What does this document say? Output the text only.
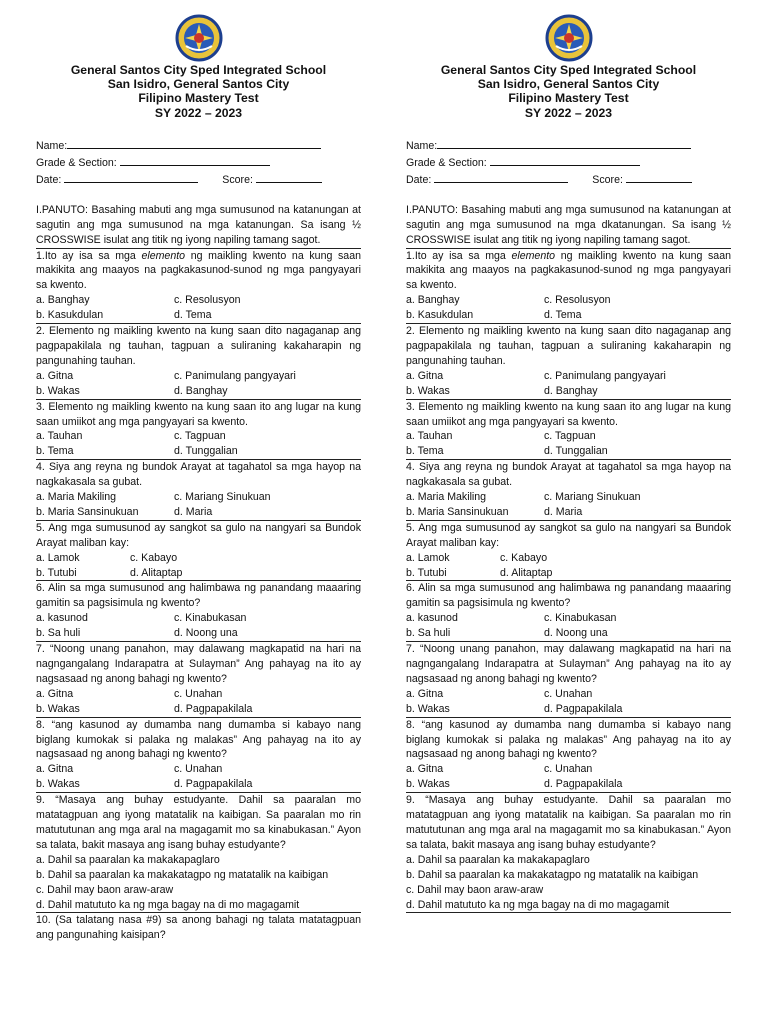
General Santos City Sped Integrated School
San Isidro, General Santos City
Filipino Mastery Test
SY 2022 – 2023
Name:
Grade & Section:
Date:	Score:
I.PANUTO: Basahing mabuti ang mga sumusunod na katanungan at sagutin ang mga sumusunod na mga katanungan. Sa isang ½ CROSSWISE isulat ang titik ng iyong napiling tamang sagot.
1.Ito ay isa sa mga elemento ng maikling kwento na kung saan makikita ang maayos na pagkakasunod-sunod ng mga pangyayari sa kwento.
a. Banghay	c. Resolusyon
b. Kasukdulan	d. Tema
2. Elemento ng maikling kwento na kung saan dito nagaganap ang pagpapakilala ng tauhan, tagpuan a suliraning kakaharapin ng pangunahing tauhan.
a. Gitna	c. Panimulang pangyayari
b. Wakas	d. Banghay
3. Elemento ng maikling kwento na kung saan ito ang lugar na kung saan umiikot ang mga pangyayari sa kwento.
a. Tauhan	c. Tagpuan
b. Tema	d. Tunggalian
4. Siya ang reyna ng bundok Arayat at tagahatol sa mga hayop na nagkakasala sa gubat.
a. Maria Makiling	c. Mariang Sinukuan
b. Maria Sansinukuan	d. Maria
5. Ang mga sumusunod ay sangkot sa gulo na nangyari sa Bundok Arayat maliban kay:
a. Lamok	c. Kabayo
b. Tutubi	d. Alitaptap
6. Alin sa mga sumusunod ang halimbawa ng panandang maaaring gamitin sa pagsisimula ng kwento?
a. kasunod	c. Kinabukasan
b. Sa huli	d. Noong una
7. “Noong unang panahon, may dalawang magkapatid na hari na nagngangalang Indarapatra at Sulayman” Ang pahayag na ito ay nagsasaad ng anong bahagi ng kwento?
a. Gitna	c. Unahan
b. Wakas	d. Pagpapakilala
8. “ang kasunod ay dumamba nang dumamba si kabayo nang biglang kumokak si palaka ng malakas” Ang pahayag na ito ay nagsasaad ng anong bahagi ng kwento?
a. Gitna	c. Unahan
b. Wakas	d. Pagpapakilala
9. “Masaya ang buhay estudyante. Dahil sa paaralan mo matatagpuan ang iyong matatalik na kaibigan. Sa paaralan mo rin matututunan ang mga aral na magagamit mo sa kinabukasan.” Ayon sa talata, bakit masaya ang isang buhay estudyante?
a. Dahil sa paaralan ka makakapaglaro
b. Dahil sa paaralan ka makakatagpo ng matatalik na kaibigan
c. Dahil may baon araw-araw
d. Dahil matututo ka ng mga bagay na di mo magagamit
10. (Sa talatang nasa #9) sa anong bahagi ng talata matatagpuan ang pangunahing kaisipan?
General Santos City Sped Integrated School
San Isidro, General Santos City
Filipino Mastery Test
SY 2022 – 2023
Name:
Grade & Section:
Date:	Score:
I.PANUTO: Basahing mabuti ang mga sumusunod na katanungan at sagutin ang mga sumusunod na mga dkatanungan. Sa isang ½ CROSSWISE isulat ang titik ng iyong napiling tamang sagot.
1.Ito ay isa sa mga elemento ng maikling kwento na kung saan makikita ang maayos na pagkakasunod-sunod ng mga pangyayari sa kwento.
a. Banghay	c. Resolusyon
b. Kasukdulan	d. Tema
2. Elemento ng maikling kwento na kung saan dito nagaganap ang pagpapakilala ng tauhan, tagpuan a suliraning kakaharapin ng pangunahing tauhan.
a. Gitna	c. Panimulang pangyayari
b. Wakas	d. Banghay
3. Elemento ng maikling kwento na kung saan ito ang lugar na kung saan umiikot ang mga pangyayari sa kwento.
a. Tauhan	c. Tagpuan
b. Tema	d. Tunggalian
4. Siya ang reyna ng bundok Arayat at tagahatol sa mga hayop na nagkakasala sa gubat.
a. Maria Makiling	c. Mariang Sinukuan
b. Maria Sansinukuan	d. Maria
5. Ang mga sumusunod ay sangkot sa gulo na nangyari sa Bundok Arayat maliban kay:
a. Lamok	c. Kabayo
b. Tutubi	d. Alitaptap
6. Alin sa mga sumusunod ang halimbawa ng panandang maaaring gamitin sa pagsisimula ng kwento?
a. kasunod	c. Kinabukasan
b. Sa huli	d. Noong una
7. “Noong unang panahon, may dalawang magkapatid na hari na nagngangalang Indarapatra at Sulayman” Ang pahayag na ito ay nagsasaad ng anong bahagi ng kwento?
a. Gitna	c. Unahan
b. Wakas	d. Pagpapakilala
8. “ang kasunod ay dumamba nang dumamba si kabayo nang biglang kumokak si palaka ng malakas” Ang pahayag na ito ay nagsasaad ng anong bahagi ng kwento?
a. Gitna	c. Unahan
b. Wakas	d. Pagpapakilala
9. “Masaya ang buhay estudyante. Dahil sa paaralan mo matatagpuan ang iyong matatalik na kaibigan. Sa paaralan mo rin matututunan ang mga aral na magagamit mo sa kinabukasan.” Ayon sa talata, bakit masaya ang isang buhay estudyante?
a. Dahil sa paaralan ka makakapaglaro
b. Dahil sa paaralan ka makakatagpo ng matatalik na kaibigan
c. Dahil may baon araw-araw
d. Dahil matututo ka ng mga bagay na di mo magagamit
